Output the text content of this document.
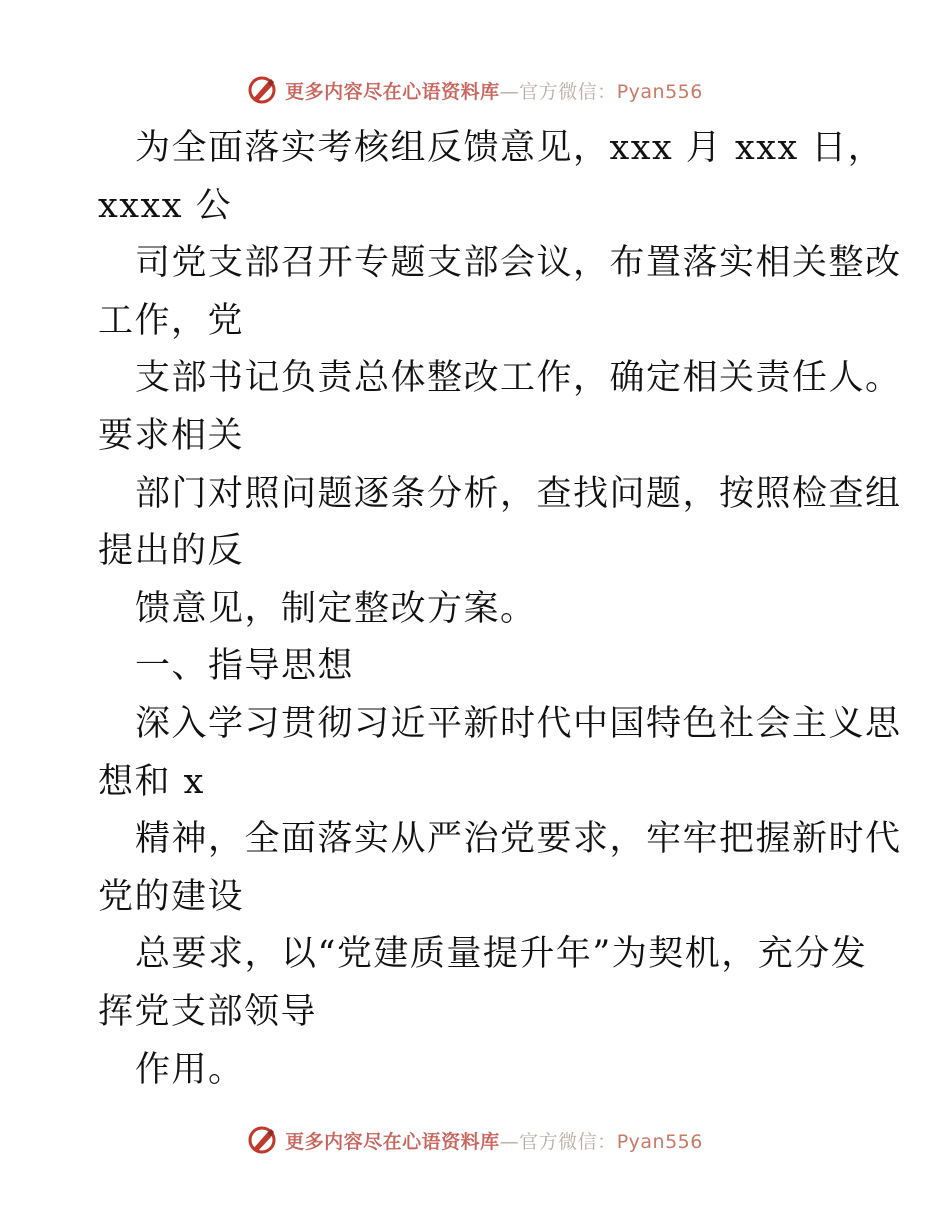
更多内容尽在心语资料库—官方微信：Pyan556
为全面落实考核组反馈意见，xxx 月 xxx 日，
xxxx 公
司党支部召开专题支部会议，布置落实相关整改
工作，党
支部书记负责总体整改工作，确定相关责任人。
要求相关
部门对照问题逐条分析，查找问题，按照检查组
提出的反
馈意见，制定整改方案。
一、指导思想
深入学习贯彻习近平新时代中国特色社会主义思
想和 x
精神，全面落实从严治党要求，牢牢把握新时代
党的建设
总要求，以“党建质量提升年”为契机，充分发
挥党支部领导
作用。
更多内容尽在心语资料库—官方微信：Pyan556
